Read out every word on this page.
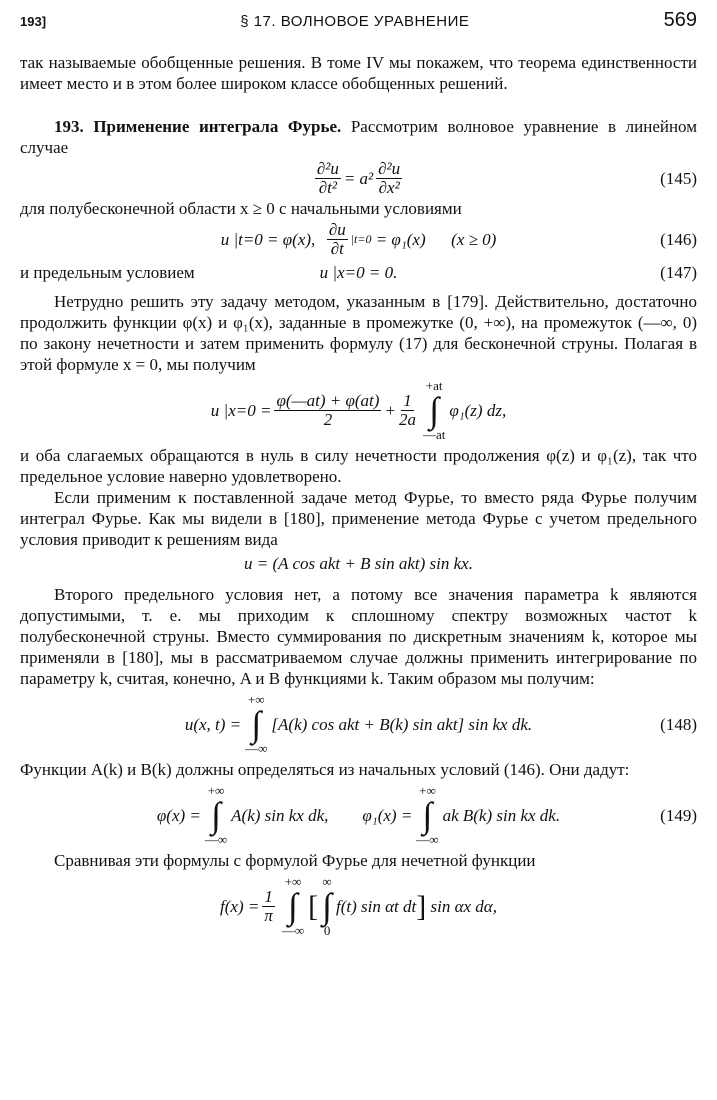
193]	§ 17. ВОЛНОВОЕ УРАВНЕНИЕ	569

так называемые обобщенные решения. В томе IV мы покажем, что теорема единственности имеет место и в этом более широком классе обобщенных решений.

193. Применение интеграла Фурье. Рассмотрим волновое уравнение в линейном случае

$\frac{\text{∂²u}}{\text{∂t²}} = a^2 \frac{\text{∂²u}}{\text{∂x²}}$	(145)

для полубесконечной области x ≥ 0 с начальными условиями

u |t=0 = φ(x),
$\frac{\partial u}{\partial t} |t=0$
= φ₁(x)
(x ≥ 0)	(146)
и предельным условием	u |x=0 = 0.	(147)

Нетрудно решить эту задачу методом, указанным в [179]. Действительно, достаточно продолжить функции φ(x) и φ₁(x), заданные в промежутке (0, +∞), на промежуток (—∞, 0) по закону нечетности и затем применить формулу (17) для бесконечной струны. Полагая в этой формуле x = 0, мы получим

u $|x=0 = \frac{\varphi(—at) + \varphi(at)}{2} + \frac{1}{2a}$
+at
∫
—at
φ₁(z) dz,

и оба слагаемых обращаются в нуль в силу нечетности продолжения φ(z) и φ₁(z), так что предельное условие наверно удовлетворено.

Если применим к поставленной задаче метод Фурье, то вместо ряда Фурье получим интеграл Фурье. Как мы видели в [180], применение метода Фурье с учетом предельного условия приводит к решениям вида

u = (A cos akt + B sin akt) sin kx.

Второго предельного условия нет, а потому все значения параметра k являются допустимыми, т. е. мы приходим к сплошному спектру возможных частот k полубесконечной струны. Вместо суммирования по дискретным значениям k, которое мы применяли в [180], мы в рассматриваемом случае должны применить интегрирование по параметру k, считая, конечно, A и B функциями k. Таким образом мы получим:

u(x, t) =
+∞
∫
—∞
[A(k) cos akt + B(k) sin akt] sin kx dk.	(148)

Функции A(k) и B(k) должны определяться из начальных условий (146). Они дадут:

φ(x) =
+∞
∫
—∞
A(k) sin kx dk,
φ₁(x) =
+∞
∫
—∞
ak B(k) sin kx dk.	(149)

Сравнивая эти формулы с формулой Фурье для нечетной функции

$f(x) = \frac{1}{\pi}$
+∞
∫
—∞
[
∞
∫
0
f(t) sin αt dt ]
sin αx dα,
